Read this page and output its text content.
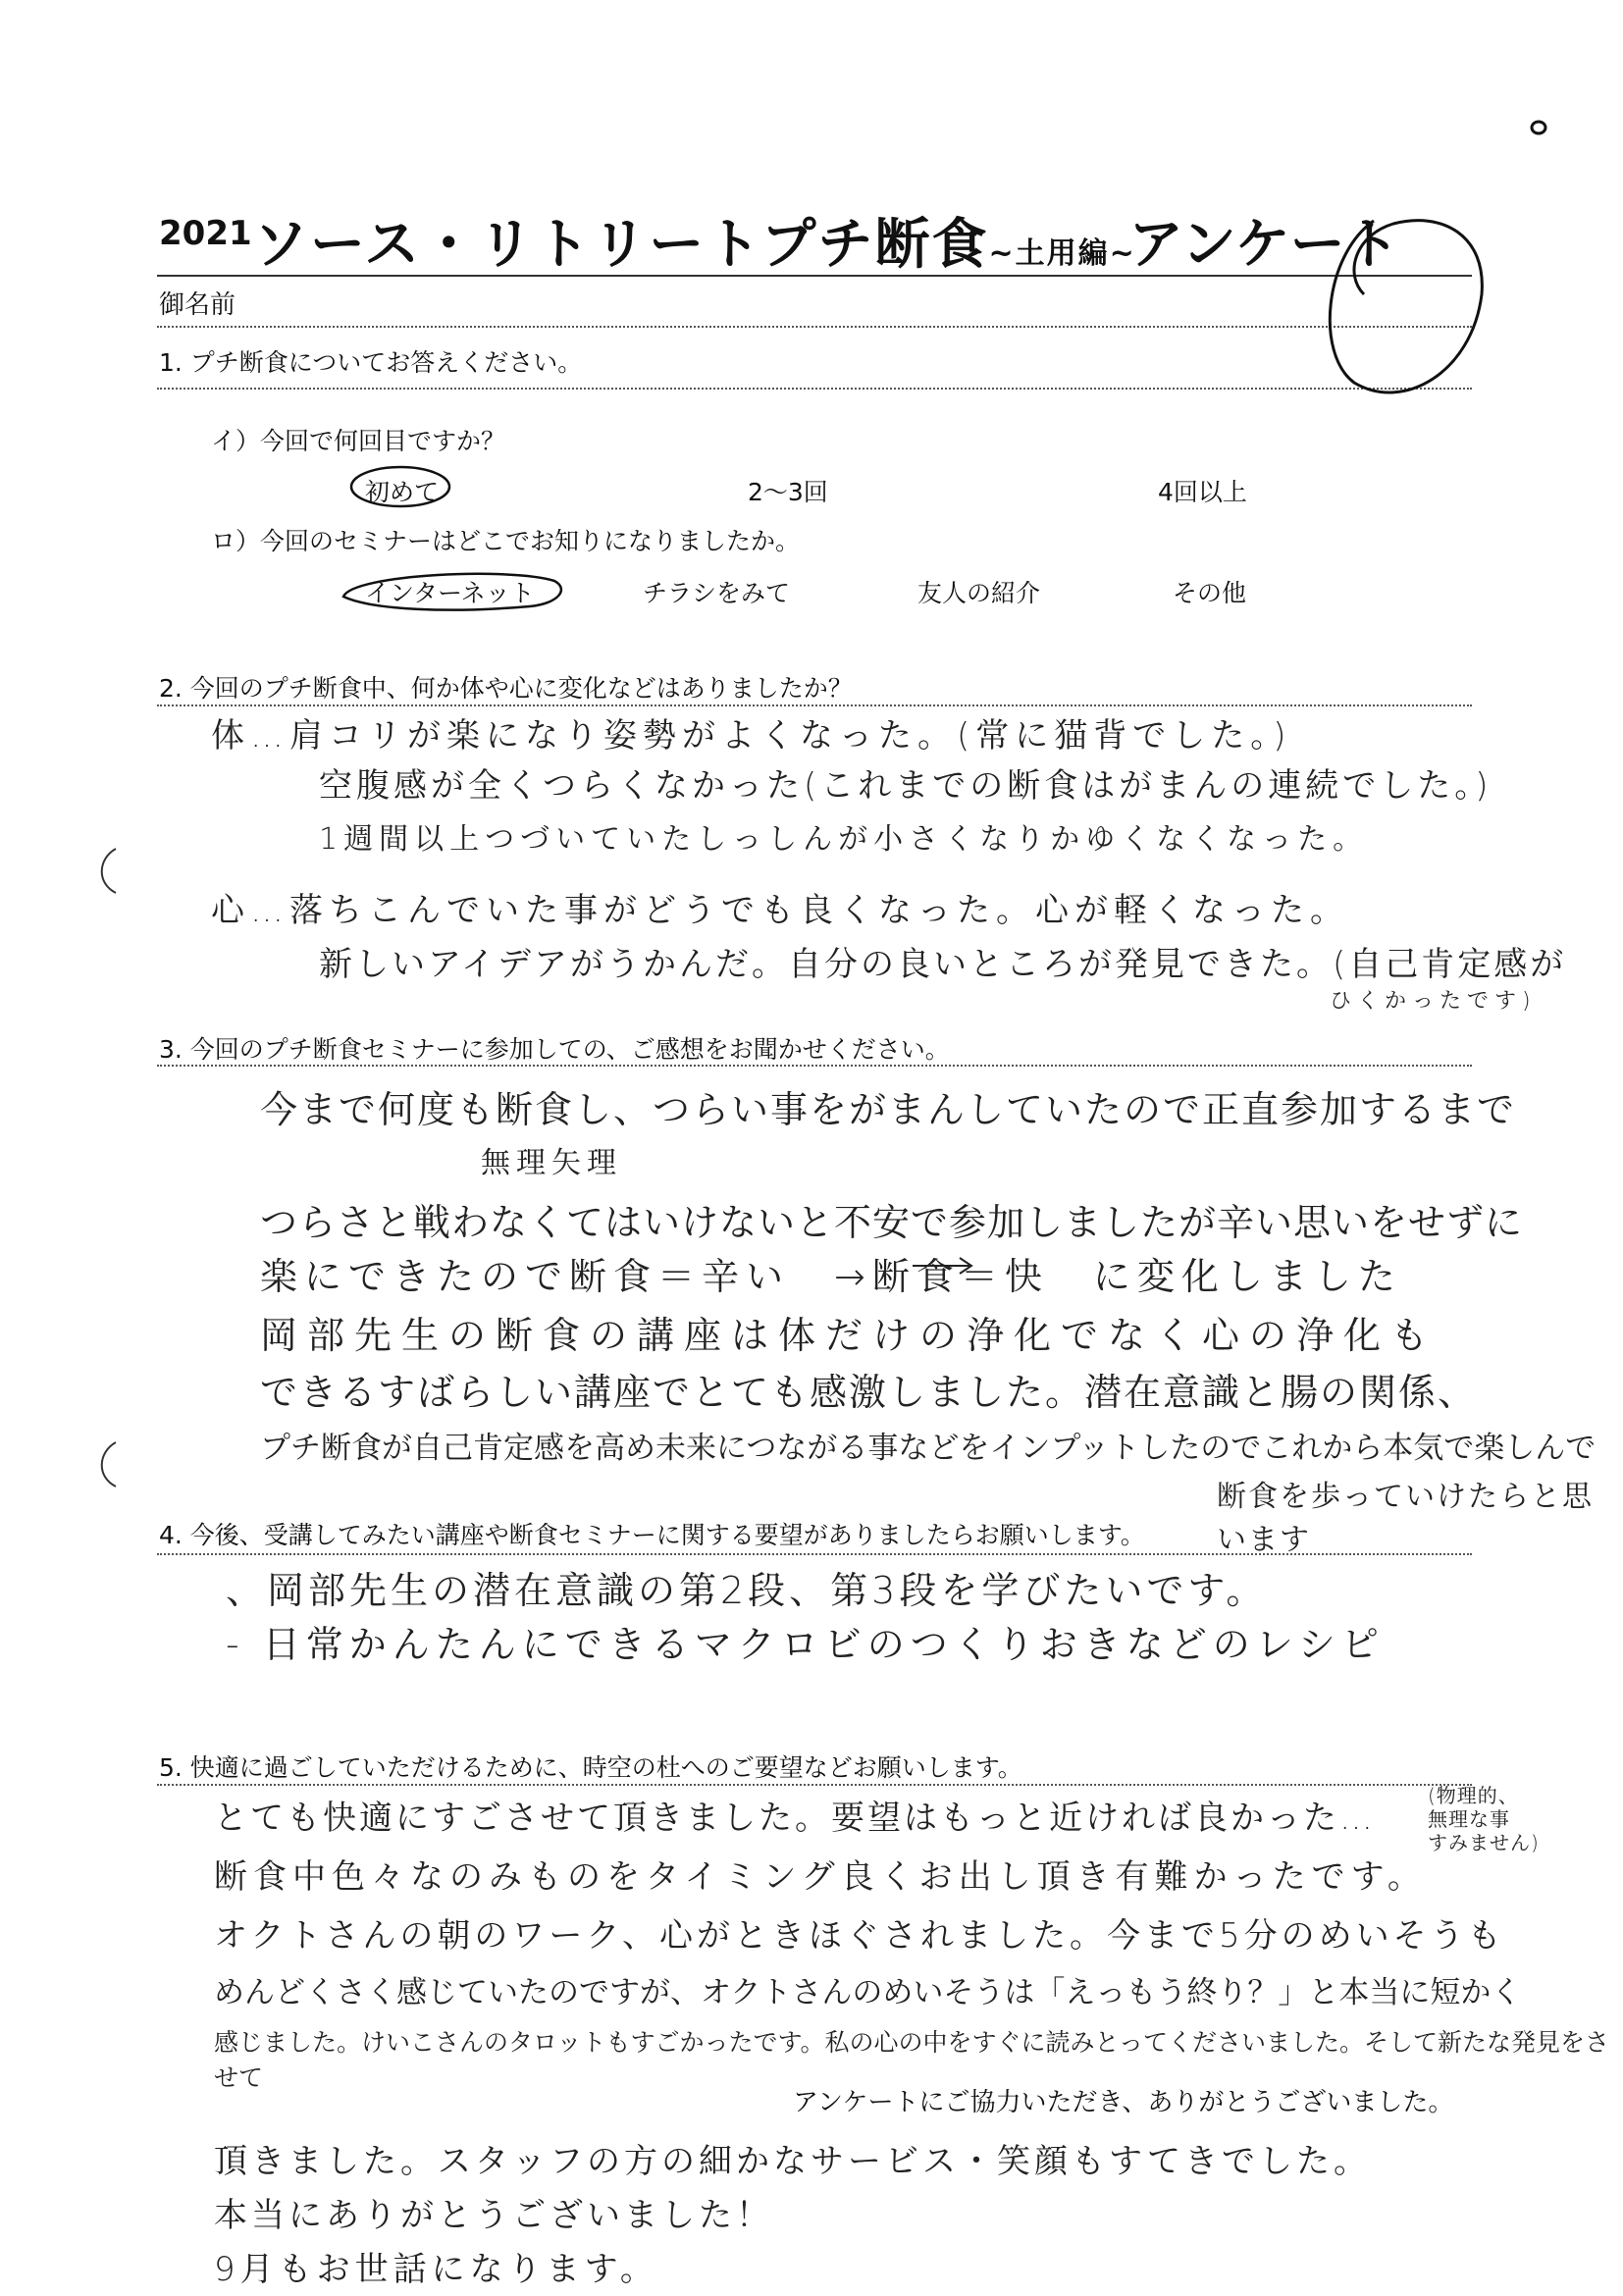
2021 ソース・リトリートプチ断食~土用編~
アンケート
御名前
1. プチ断食についてお答えください。
イ）今回で何回目ですか？
初めて	2～3回	4回以上
ロ）今回のセミナーはどこでお知りになりましたか。
インターネット	チラシをみて	友人の紹介	その他
2. 今回のプチ断食中、何か体や心に変化などはありましたか？
体…肩コリが楽になり姿勢がよくなった。(常に猫背でした。)
空腹感が全くつらくなかった(これまでの断食はがまんの連続でした。)
1週間以上つづいていたしっしんが小さくなりかゆくなくなった。
心…落ちこんでいた事がどうでも良くなった。心が軽くなった。
新しいアイデアがうかんだ。自分の良いところが発見できた。(自己肯定感が
ひくかったです)
3. 今回のプチ断食セミナーに参加しての、ご感想をお聞かせください。
今まで何度も断食し、つらい事をがまんしていたので正直参加するまで
無理矢理
つらさと戦わなくてはいけないと不安で参加しましたが辛い思いをせずに
楽にできたので断食＝辛い　→断食＝快　に変化しました
岡部先生の断食の講座は体だけの浄化でなく心の浄化も
できるすばらしい講座でとても感激しました。潜在意識と腸の関係、
プチ断食が自己肯定感を高め未来につながる事などをインプットしたのでこれから本気で楽しんで
断食を歩っていけたらと思います
4. 今後、受講してみたい講座や断食セミナーに関する要望がありましたらお願いします。
、岡部先生の潜在意識の第2段、第3段を学びたいです。
- 日常かんたんにできるマクロビのつくりおきなどのレシピ
5. 快適に過ごしていただけるために、時空の杜へのご要望などお願いします。
とても快適にすごさせて頂きました。要望はもっと近ければ良かった…
(物理的、
無理な事
すみません)
断食中色々なのみものをタイミング良くお出し頂き有難かったです。
オクトさんの朝のワーク、心がときほぐされました。今まで5分のめいそうも
めんどくさく感じていたのですが、オクトさんのめいそうは「えっもう終り？」と本当に短かく
感じました。けいこさんのタロットもすごかったです。私の心の中をすぐに読みとってくださいました。そして新たな発見をさせて
アンケートにご協力いただき、ありがとうございました。
頂きました。スタッフの方の細かなサービス・笑顔もすてきでした。
本当にありがとうございました！
9月もお世話になります。
